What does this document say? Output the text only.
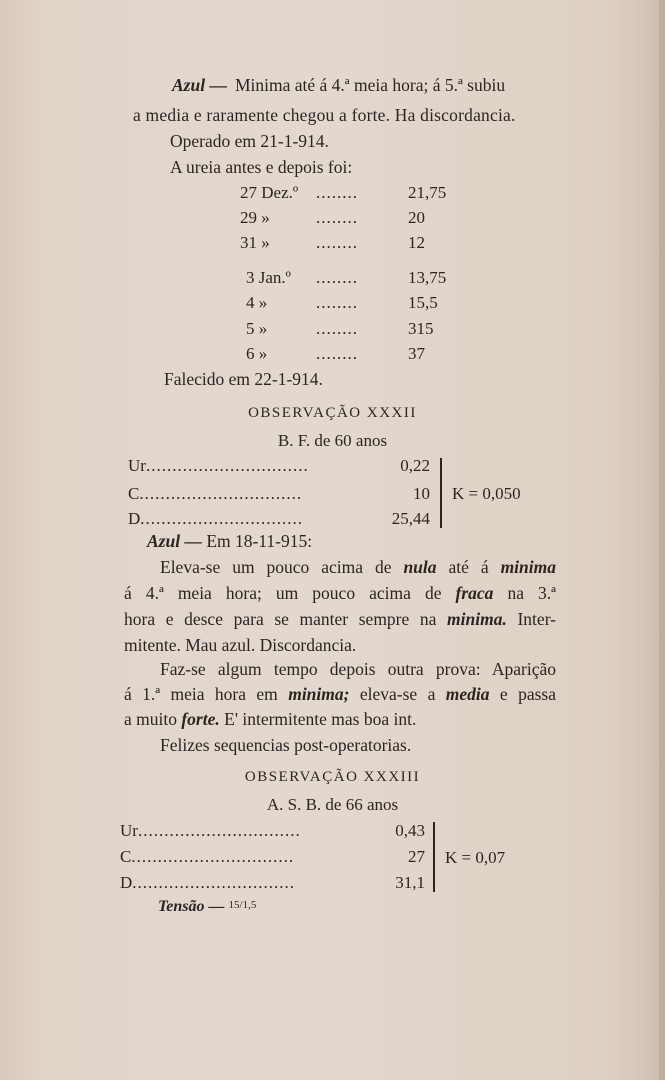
Azul — Minima até á 4.ª meia hora; á 5.ª subiu
a media e raramente chegou a forte. Ha discordancia.
Operado em 21-1-914.
A ureia antes e depois foi:
27 Dez.º ........	21,75
29 »	........	20
31 »	........	12
3 Jan.º ........	13,75
4 »	........	15,5
5 »	........	315
6 »	........	37
Falecido em 22-1-914.
OBSERVAÇÃO XXXII
B. F. de 60 anos
Ur ...............................	0,22
C ...............................	10
D ...............................	25,44
K = 0,050
Azul — Em 18-11-915:
Eleva-se um pouco acima de nula até á minima
á 4.ª meia hora; um pouco acima de fraca na 3.ª
hora e desce para se manter sempre na minima. Inter-
mitente. Mau azul. Discordancia.
Faz-se algum tempo depois outra prova: Aparição
á 1.ª meia hora em minima; eleva-se a media e passa
a muito forte. E' intermitente mas boa int.
Felizes sequencias post-operatorias.
OBSERVAÇÃO XXXIII
A. S. B. de 66 anos
Ur ...............................	0,43
C ...............................	27
D ...............................	31,1
K = 0,07
Tensão — 15/1,5
